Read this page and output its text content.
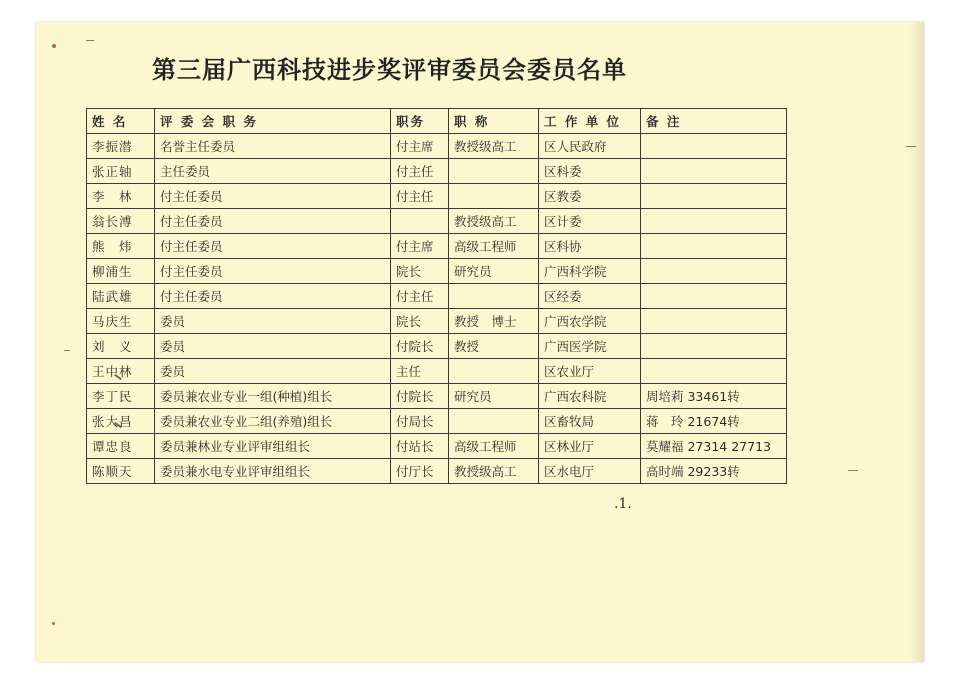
第三届广西科技进步奖评审委员会委员名单
姓 名	评 委 会 职 务	职务	职 称	工 作 单 位	备 注
李振潜	名誉主任委员	付主席	教授级高工	区人民政府	
张正轴	主任委员	付主任		区科委	
李　林	付主任委员	付主任		区教委	
翁长溥	付主任委员		教授级高工	区计委	
熊　炜	付主任委员	付主席	高级工程师	区科协	
柳浦生	付主任委员	院长	研究员	广西科学院	
陆武雄	付主任委员	付主任		区经委	
马庆生	委员	院长	教授　博士	广西农学院	
刘　义	委员	付院长	教授	广西医学院	
王中林	委员	主任		区农业厅	
李丁民	委员兼农业专业一组(种植)组长	付院长	研究员	广西农科院	周培莉 33461转
张大昌	委员兼农业专业二组(养殖)组长	付局长		区畜牧局	蒋　玲 21674转
谭忠良	委员兼林业专业评审组组长	付站长	高级工程师	区林业厅	莫耀福 27314 27713
陈顺天	委员兼水电专业评审组组长	付厅长	教授级高工	区水电厅	高时端 29233转
.1.
